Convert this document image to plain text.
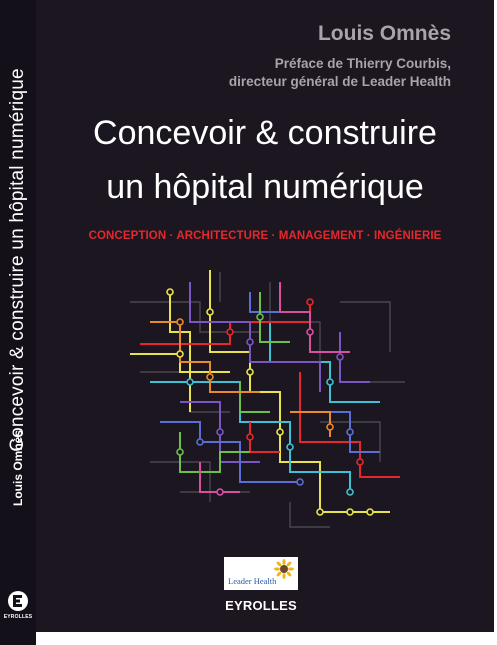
Concevoir & construire un hôpital numérique
Louis Omnès
EYROLLES
Louis Omnès
Préface de Thierry Courbis,
directeur général de Leader Health
Concevoir & construire
un hôpital numérique
CONCEPTION · ARCHITECTURE · MANAGEMENT · INGÉNIERIE
Leader Health
EYROLLES
